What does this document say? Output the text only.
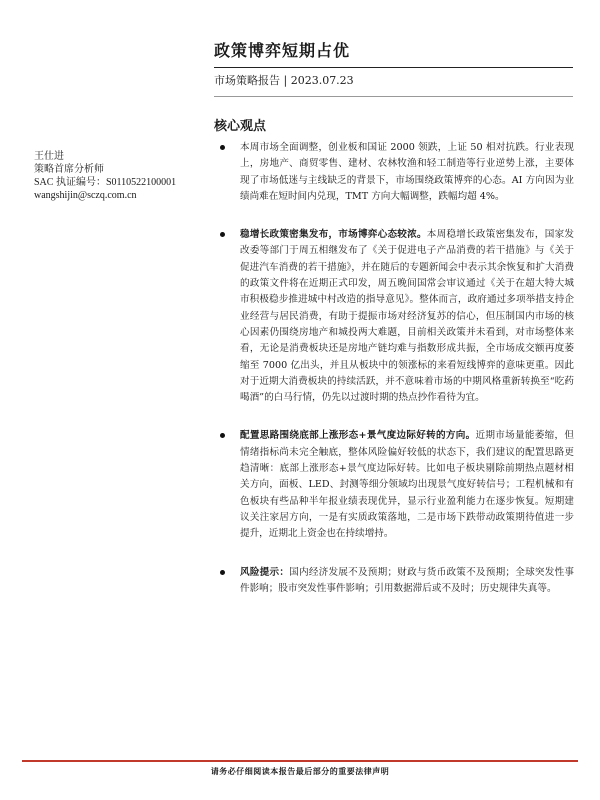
政策博弈短期占优
市场策略报告 | 2023.07.23
核心观点
王仕进
策略首席分析师
SAC 执证编号：S0110522100001
wangshijin@sczq.com.cn
本周市场全面调整，创业板和国证 2000 领跌，上证 50 相对抗跌。行业表现上，房地产、商贸零售、建材、农林牧渔和轻工制造等行业逆势上涨，主要体现了市场低迷与主线缺乏的背景下，市场围绕政策博弈的心态。AI 方向因为业绩尚难在短时间内兑现，TMT 方向大幅调整，跌幅均超 4%。
稳增长政策密集发布，市场博弈心态较浓。本周稳增长政策密集发布，国家发改委等部门于周五相继发布了《关于促进电子产品消费的若干措施》与《关于促进汽车消费的若干措施》，并在随后的专题新闻会中表示其余恢复和扩大消费的政策文件将在近期正式印发，周五晚间国常会审议通过《关于在超大特大城市积极稳步推进城中村改造的指导意见》。整体而言，政府通过多项举措支持企业经营与居民消费，有助于提振市场对经济复苏的信心，但压制国内市场的核心因素仍围绕房地产和城投两大难题，目前相关政策并未看到，对市场整体来看，无论是消费板块还是房地产链均难与指数形成共振，全市场成交额再度萎缩至 7000 亿出头，并且从板块中的领涨标的来看短线博弈的意味更重。因此对于近期大消费板块的持续活跃，并不意味着市场的中期风格重新转换至“吃药喝酒”的白马行情，仍先以过渡时期的热点抄作看待为宜。
配置思路围绕底部上涨形态+景气度边际好转的方向。近期市场量能萎缩，但情绪指标尚未完全触底，整体风险偏好较低的状态下，我们建议的配置思路更趋清晰：底部上涨形态+景气度边际好转。比如电子板块剔除前期热点题材相关方向，面板、LED、封测等细分领域均出现景气度好转信号；工程机械和有色板块有些品种半年报业绩表现优异，显示行业盈利能力在逐步恢复。短期建议关注家居方向，一是有实质政策落地，二是市场下跌带动政策期待值进一步提升，近期北上资金也在持续增持。
风险提示：国内经济发展不及预期；财政与货币政策不及预期；全球突发性事件影响；股市突发性事件影响；引用数据滞后或不及时；历史规律失真等。
请务必仔细阅读本报告最后部分的重要法律声明
